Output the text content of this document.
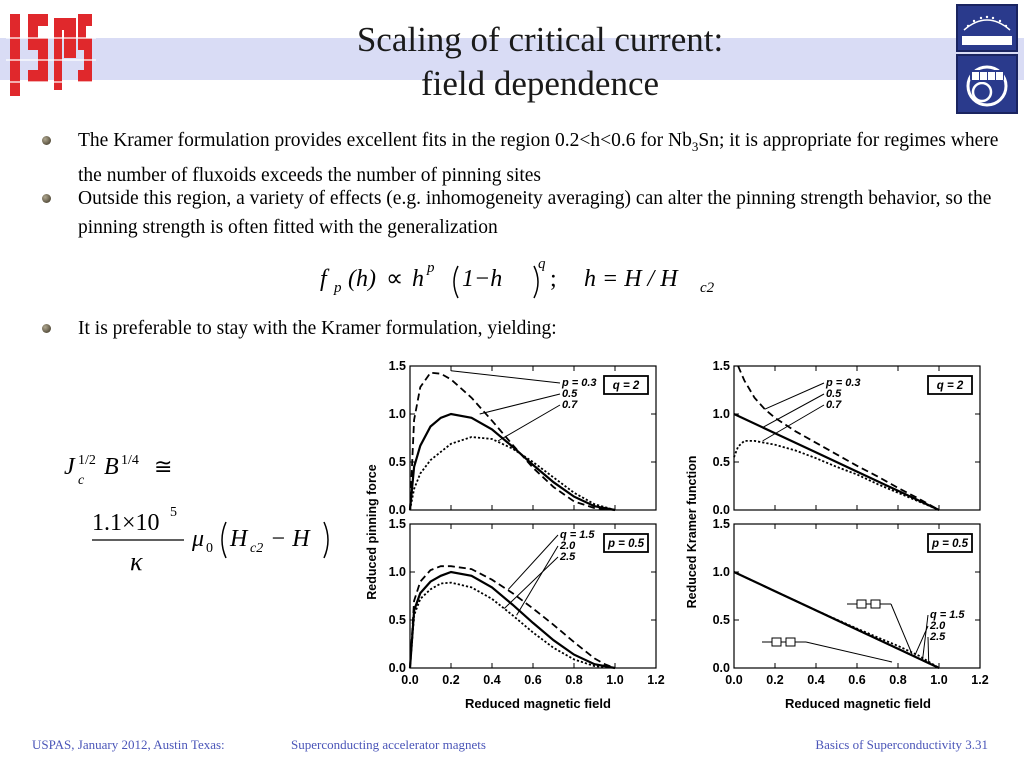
Scaling of critical current:
field dependence
The Kramer formulation provides excellent fits in the region 0.2<h<0.6 for $Nb_3Sn$; it is appropriate for regimes where the number of fluxoids exceeds the number of pinning sites
Outside this region, a variety of effects (e.g. inhomogeneity averaging) can alter the pinning strength behavior, so the pinning strength is often fitted with the generalization
f p (h) ∝ h p 1−h
q
; h = H / H c2
It is preferable to stay with the Kramer formulation, yielding:
J
c
1/2 B 1/4 ≅
1.1×10 5
κ
μ 0 H c2 − H
0.0
0.5
1.0
1.5
p = 0.3
0.5
0.7
q = 2
0.0
0.5
1.0
1.5
p = 0.3
0.5
0.7
q = 2
0.0 0.2 0.4 0.6 0.8 1.0 1.2
0.0
0.5
1.0
1.5
q = 1.5
2.0
2.5
p = 0.5
0.0 0.2 0.4 0.6 0.8 1.0 1.2
0.0
0.5
1.0
1.5
q = 1.5
2.0
2.5
p = 0.5
Reduced pinning force	Reduced Kramer function
Reduced magnetic field	Reduced magnetic field
USPAS, January 2012, Austin Texas:	Superconducting accelerator magnets	Basics of Superconductivity 3.31
